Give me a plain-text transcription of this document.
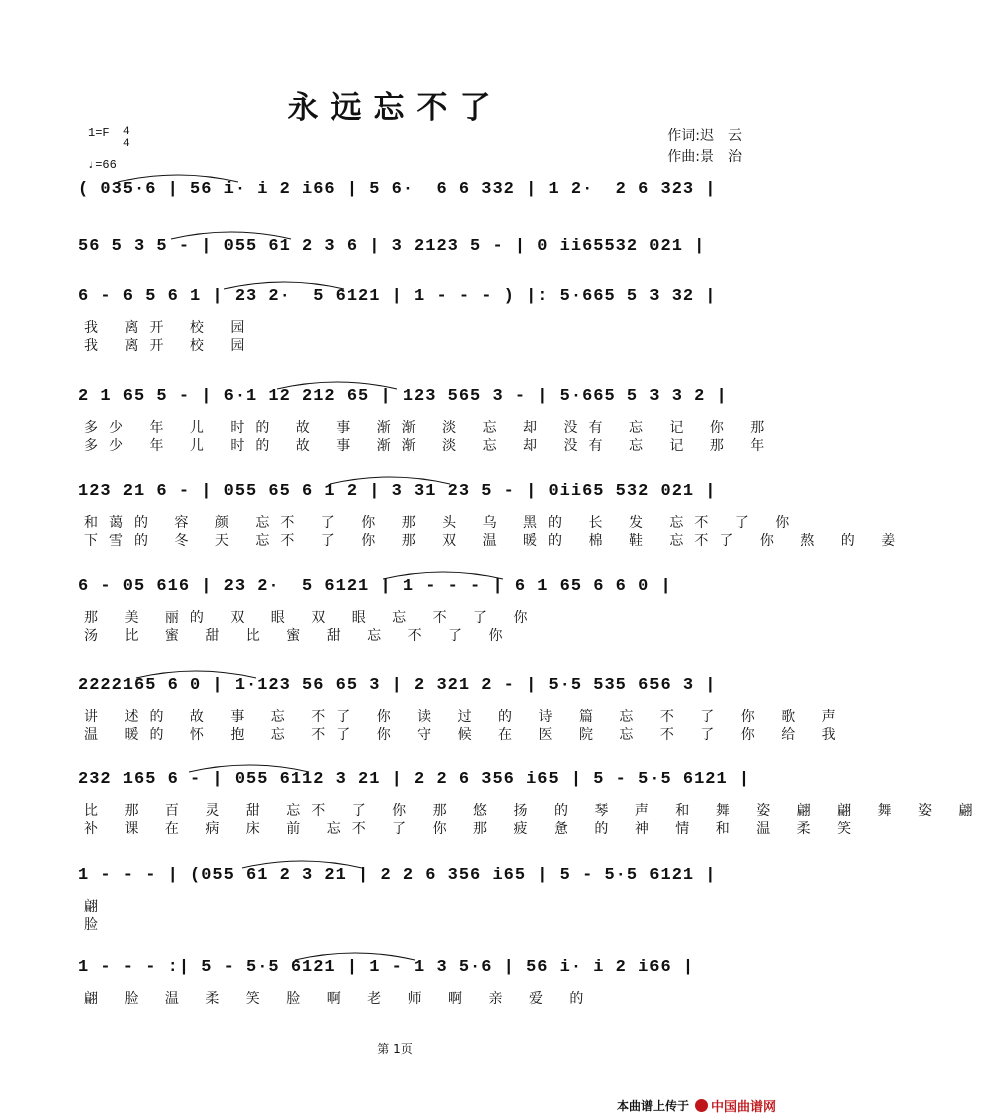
永远忘不了
1=F	4
4
♩=66
作词:迟　云
作曲:景　治
( 035·6 | 56 i· i 2 i66 | 5 6·  6 6 332 | 1 2·  2 6 323 |
56 5 3 5 - | 055 61 2 3 6 | 3 2123 5 - | 0 ii65532 021 |
6 - 6 5 6 1 | 23 2·  5 6121 | 1 - - - ) |: 5·665 5 3 32 |
我 离开 校 园
我 离开 校 园
2 1 65 5 - | 6·1 12 212 65 | 123 565 3 - | 5·665 5 3 3 2 |
多少 年 儿 时的 故 事 渐渐 淡 忘 却 没有 忘 记 你 那
多少 年 儿 时的 故 事 渐渐 淡 忘 却 没有 忘 记 那 年
123 21 6 - | 055 65 6 1 2 | 3 31 23 5 - | 0ii65 532 021 |
和蔼的 容 颜 忘不 了 你 那 头 乌 黑的 长 发 忘不 了 你
下雪的 冬 天 忘不 了 你 那 双 温 暖的 棉 鞋 忘不了 你 熬 的 姜
6 - 05 616 | 23 2·  5 6121 | 1 - - - | 6 1 65 6 6 0 |
那 美 丽的 双 眼 双 眼 忘 不 了 你
汤 比 蜜 甜 比 蜜 甜 忘 不 了 你
2222165 6 0 | 1·123 56 65 3 | 2 321 2 - | 5·5 535 656 3 |
讲 述的 故 事 忘 不了 你 读 过 的 诗 篇 忘 不 了 你 歌 声
温 暖的 怀 抱 忘 不了 你 守 候 在 医 院 忘 不 了 你 给 我
232 165 6 - | 055 6112 3 21 | 2 2 6 356 i65 | 5 - 5·5 6121 |
比 那 百 灵 甜 忘不 了 你 那 悠 扬 的 琴 声 和 舞 姿 翩 翩 舞 姿 翩
补 课 在 病 床 前 忘不 了 你 那 疲 惫 的 神 情 和 温 柔 笑
1 - - - | (055 61 2 3 21 | 2 2 6 356 i65 | 5 - 5·5 6121 |
翩
脸
1 - - - :| 5 - 5·5 6121 | 1 - 1 3 5·6 | 56 i· i 2 i66 |
翩 脸 温 柔 笑 脸 啊 老 师 啊 亲 爱 的
第 1页
本曲谱上传于 中国曲谱网
